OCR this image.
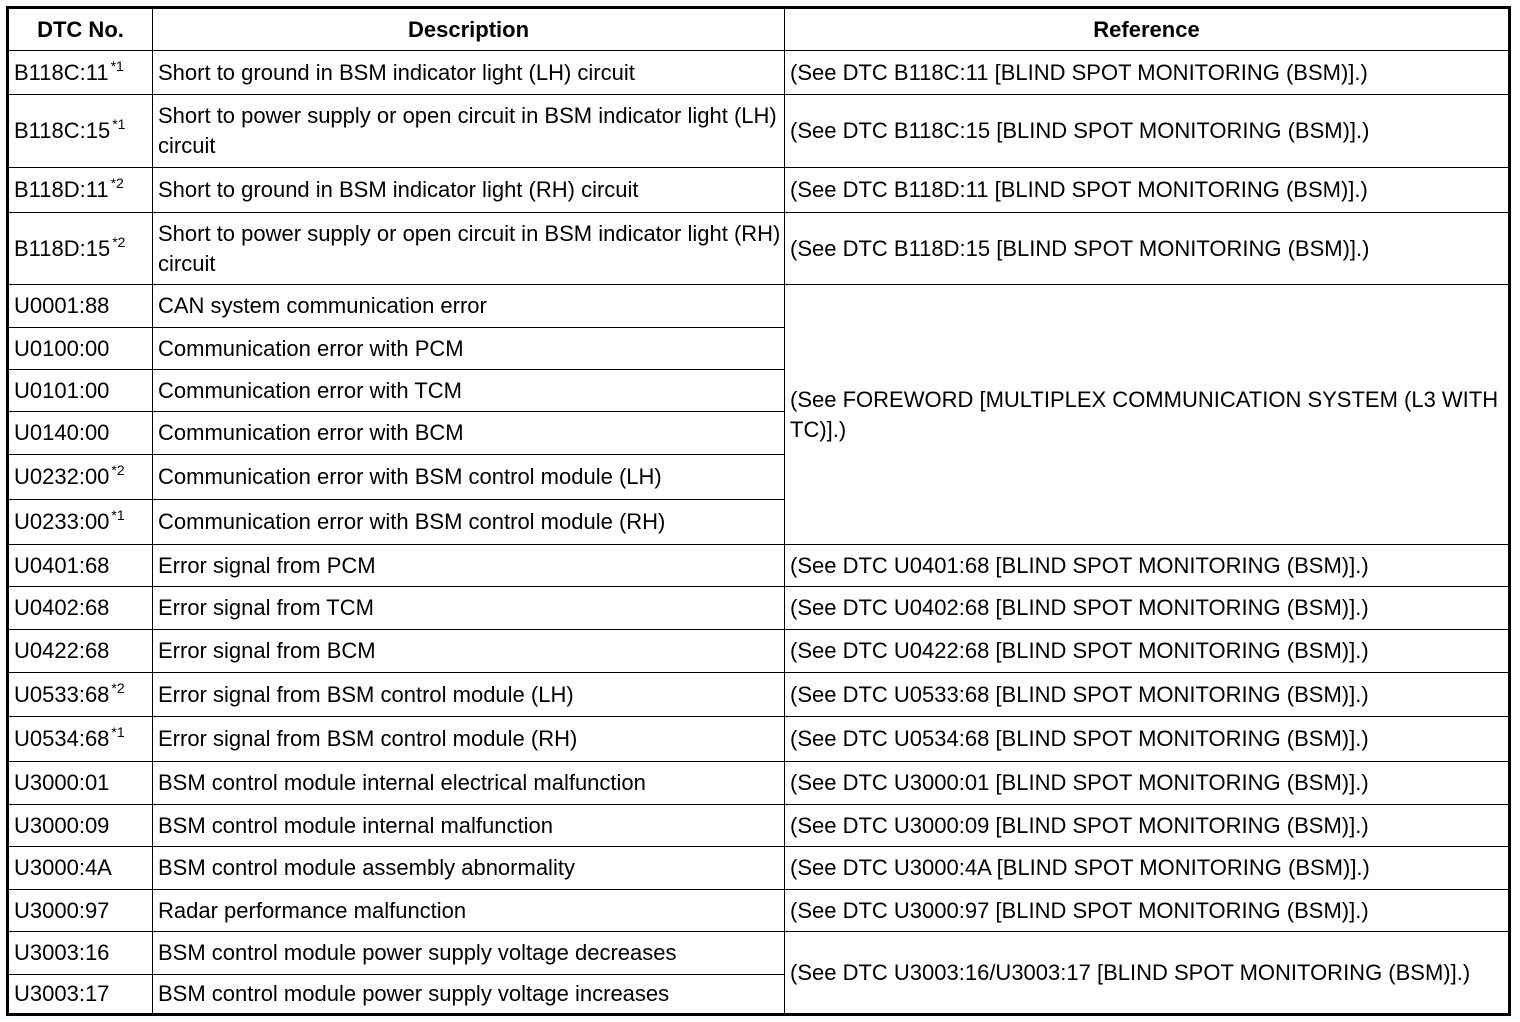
DTC No.	Description	Reference
B118C:11 $^{*1}$	Short to ground in BSM indicator light (LH) circuit	(See DTC B118C:11 [BLIND SPOT MONITORING (BSM)].)
B118C:15 $^{*1}$	Short to power supply or open circuit in BSM indicator light (LH) circuit	(See DTC B118C:15 [BLIND SPOT MONITORING (BSM)].)
B118D:11 $^{*2}$	Short to ground in BSM indicator light (RH) circuit	(See DTC B118D:11 [BLIND SPOT MONITORING (BSM)].)
B118D:15 $^{*2}$	Short to power supply or open circuit in BSM indicator light (RH) circuit	(See DTC B118D:15 [BLIND SPOT MONITORING (BSM)].)
U0001:88	CAN system communication error	(See FOREWORD [MULTIPLEX COMMUNICATION SYSTEM (L3 WITH TC)].)
U0100:00	Communication error with PCM	
U0101:00	Communication error with TCM	
U0140:00	Communication error with BCM	
U0232:00 $^{*2}$	Communication error with BSM control module (LH)	
U0233:00 $^{*1}$	Communication error with BSM control module (RH)	
U0401:68	Error signal from PCM	(See DTC U0401:68 [BLIND SPOT MONITORING (BSM)].)
U0402:68	Error signal from TCM	(See DTC U0402:68 [BLIND SPOT MONITORING (BSM)].)
U0422:68	Error signal from BCM	(See DTC U0422:68 [BLIND SPOT MONITORING (BSM)].)
U0533:68 $^{*2}$	Error signal from BSM control module (LH)	(See DTC U0533:68 [BLIND SPOT MONITORING (BSM)].)
U0534:68 $^{*1}$	Error signal from BSM control module (RH)	(See DTC U0534:68 [BLIND SPOT MONITORING (BSM)].)
U3000:01	BSM control module internal electrical malfunction	(See DTC U3000:01 [BLIND SPOT MONITORING (BSM)].)
U3000:09	BSM control module internal malfunction	(See DTC U3000:09 [BLIND SPOT MONITORING (BSM)].)
U3000:4A	BSM control module assembly abnormality	(See DTC U3000:4A [BLIND SPOT MONITORING (BSM)].)
U3000:97	Radar performance malfunction	(See DTC U3000:97 [BLIND SPOT MONITORING (BSM)].)
U3003:16	BSM control module power supply voltage decreases	(See DTC U3003:16/U3003:17 [BLIND SPOT MONITORING (BSM)].)
U3003:17	BSM control module power supply voltage increases	
